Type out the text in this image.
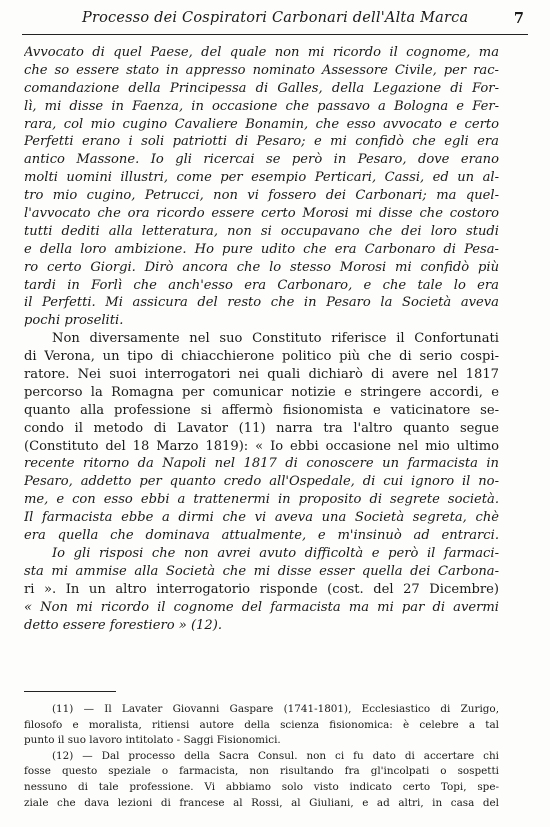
Processo dei Cospiratori Carbonari dell'Alta Marca	7
Avvocato di quel Paese, del quale non mi ricordo il cognome, ma
che so essere stato in appresso nominato Assessore Civile, per rac-
comandazione della Principessa di Galles, della Legazione di For-
lì, mi disse in Faenza, in occasione che passavo a Bologna e Fer-
rara, col mio cugino Cavaliere Bonamin, che esso avvocato e certo
Perfetti erano i soli patriotti di Pesaro; e mi confidò che egli era
antico Massone. Io gli ricercai se però in Pesaro, dove erano
molti uomini illustri, come per esempio Perticari, Cassi, ed un al-
tro mio cugino, Petrucci, non vi fossero dei Carbonari; ma quel-
l'avvocato che ora ricordo essere certo Morosi mi disse che costoro
tutti dediti alla letteratura, non si occupavano che dei loro studi
e della loro ambizione. Ho pure udito che era Carbonaro di Pesa-
ro certo Giorgi. Dirò ancora che lo stesso Morosi mi confidò più
tardi in Forlì che anch'esso era Carbonaro, e che tale lo era
il Perfetti. Mi assicura del resto che in Pesaro la Società aveva
pochi proseliti.
Non diversamente nel suo Constituto riferisce il Confortunati
di Verona, un tipo di chiacchierone politico più che di serio cospi-
ratore. Nei suoi interrogatori nei quali dichiarò di avere nel 1817
percorso la Romagna per comunicar notizie e stringere accordi, e
quanto alla professione si affermò fisionomista e vaticinatore se-
condo il metodo di Lavator (11) narra tra l'altro quanto segue
(Constituto del 18 Marzo 1819): « Io ebbi occasione nel mio ultimo
recente ritorno da Napoli nel 1817 di conoscere un farmacista in
Pesaro, addetto per quanto credo all'Ospedale, di cui ignoro il no-
me, e con esso ebbi a trattenermi in proposito di segrete società.
Il farmacista ebbe a dirmi che vi aveva una Società segreta, chè
era quella che dominava attualmente, e m'insinuò ad entrarci.
Io gli risposi che non avrei avuto difficoltà e però il farmaci-
sta mi ammise alla Società che mi disse esser quella dei Carbona-
ri ». In un altro interrogatorio risponde (cost. del 27 Dicembre)
« Non mi ricordo il cognome del farmacista ma mi par di avermi
detto essere forestiero » (12).
(11) — Il Lavater Giovanni Gaspare (1741-1801), Ecclesiastico di Zurigo,
filosofo e moralista, ritiensi autore della scienza fisionomica: è celebre a tal
punto il suo lavoro intitolato - Saggi Fisionomici.
(12) — Dal processo della Sacra Consul. non ci fu dato di accertare chi
fosse questo speziale o farmacista, non risultando fra gl'incolpati o sospetti
nessuno di tale professione. Vi abbiamo solo visto indicato certo Topi, spe-
ziale che dava lezioni di francese al Rossi, al Giuliani, e ad altri, in casa del
